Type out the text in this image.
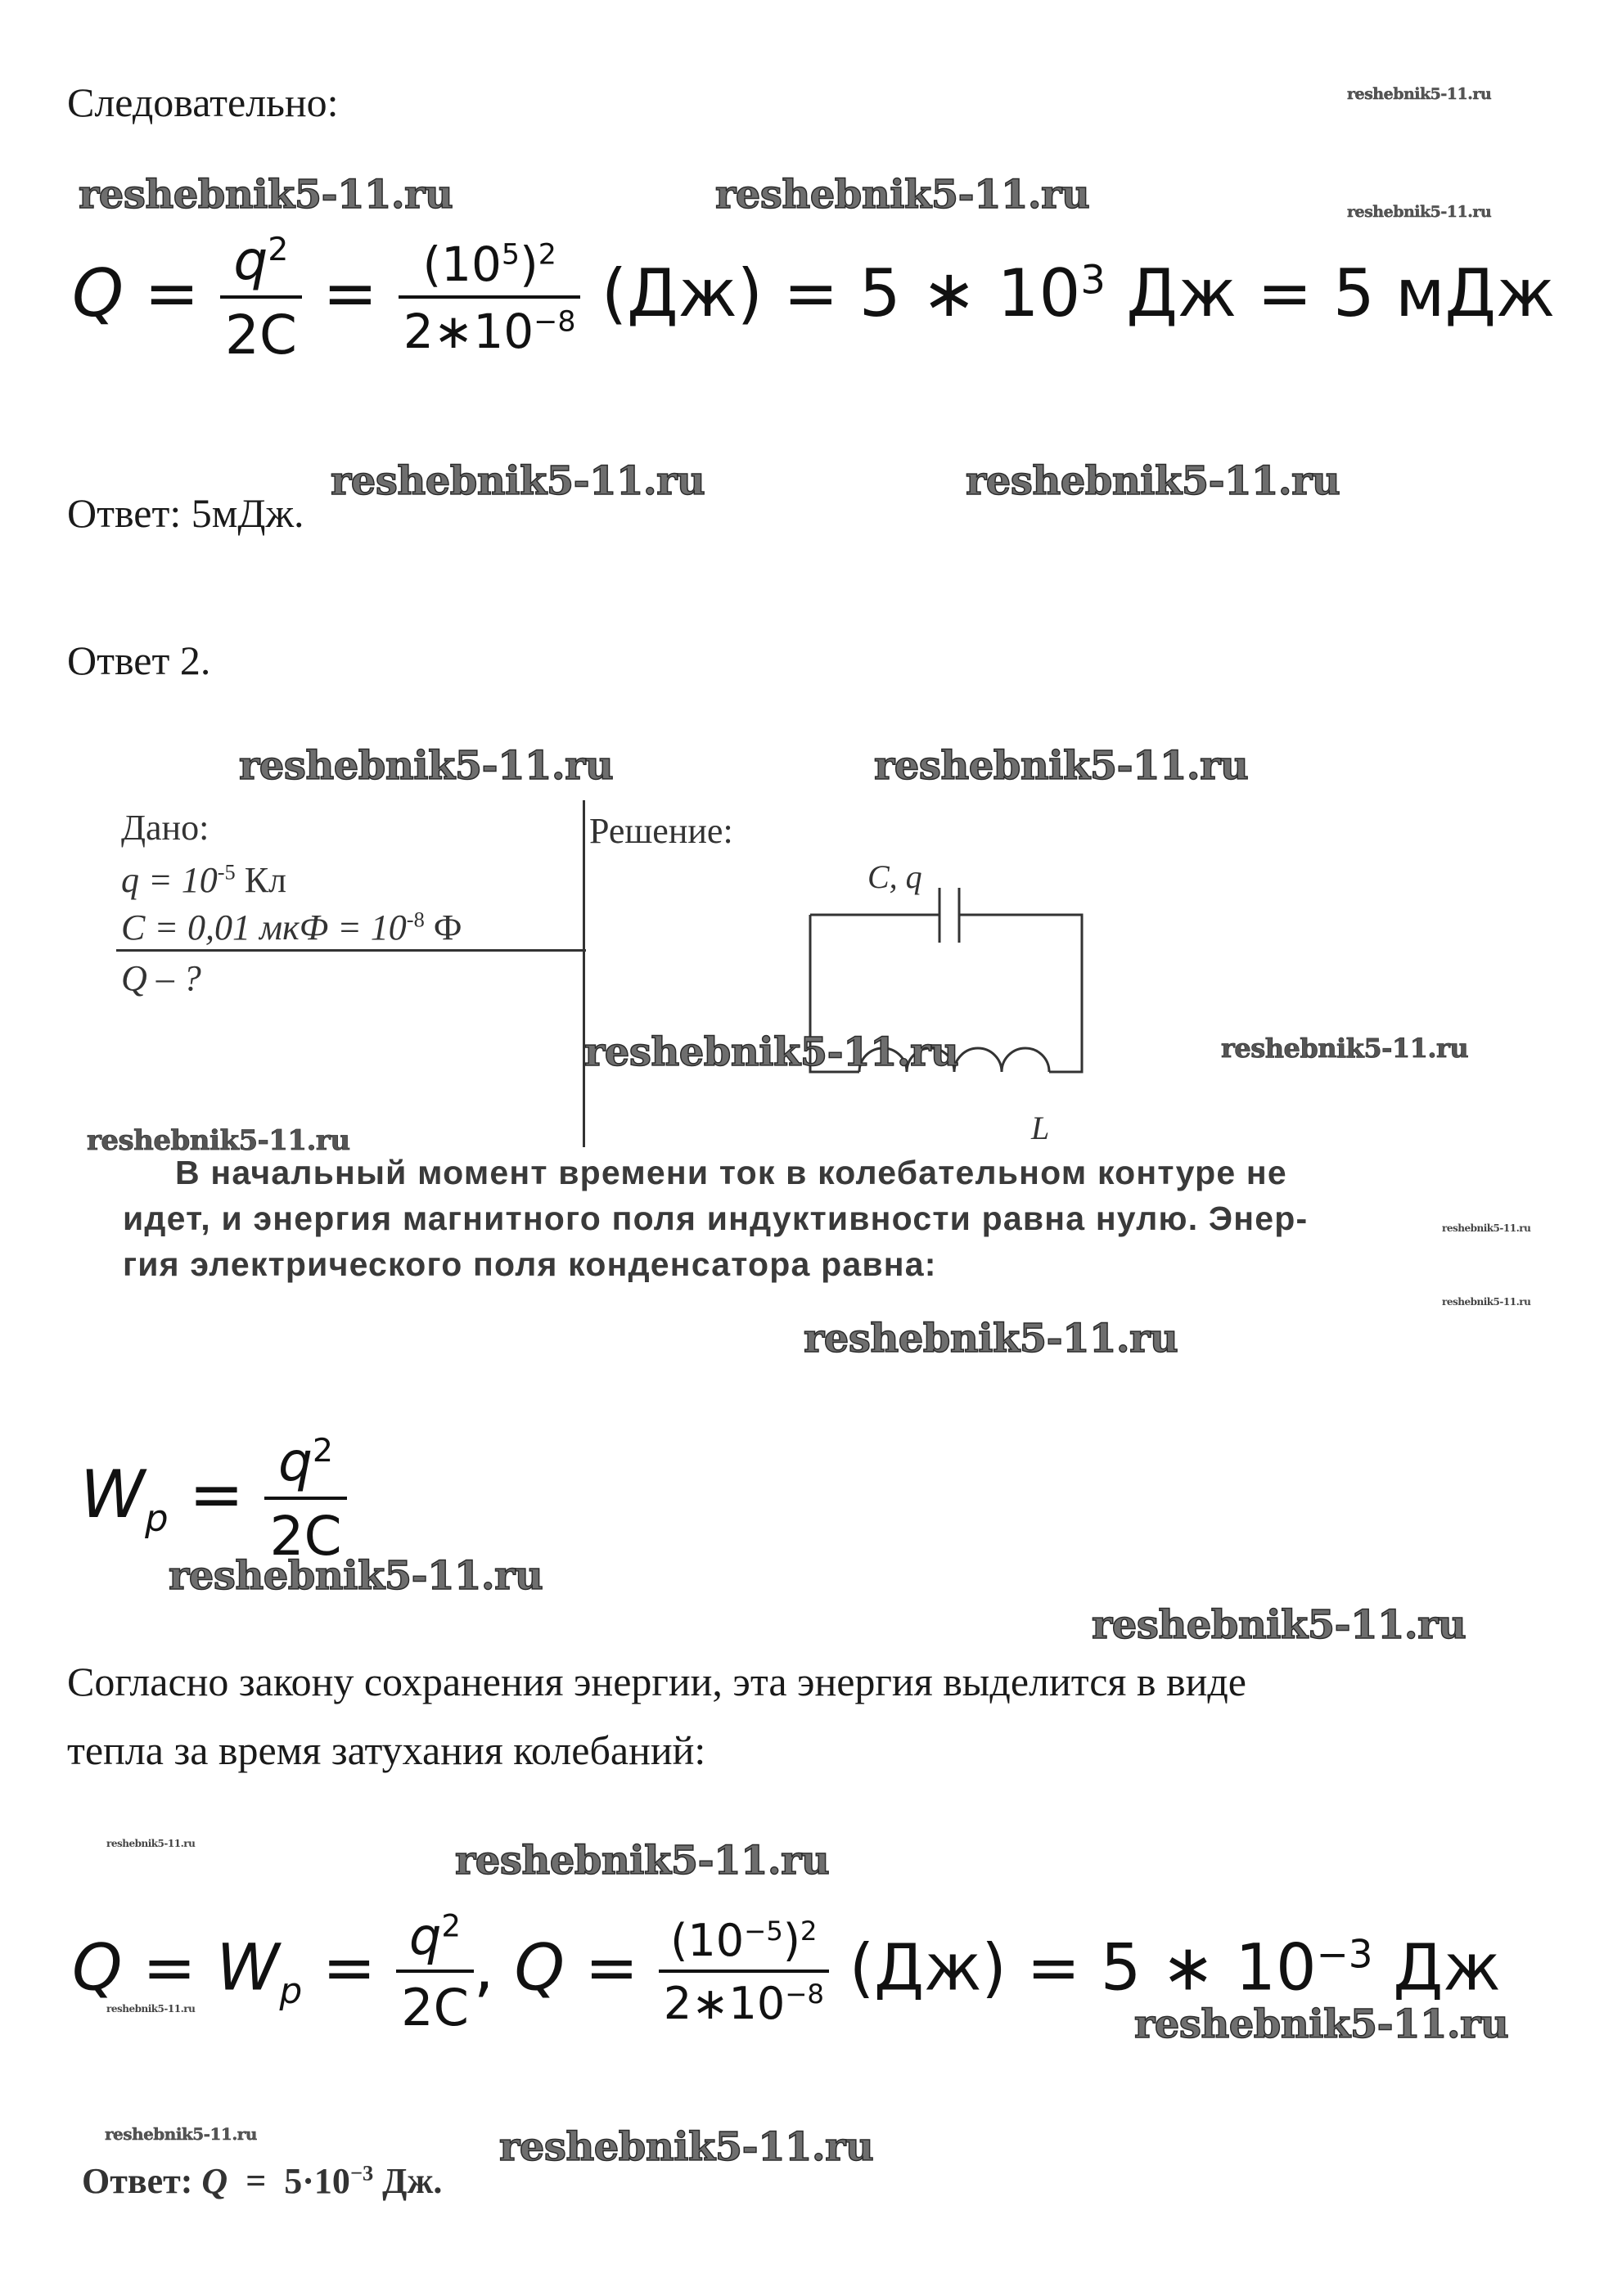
Следовательно:
$Q = \frac{q^2}{2C} = \frac{(10^5)^2}{2∗10^{-8}} (Дж) = 5$ ∗ $10^3$ Дж = 5 мДж
Ответ: 5мДж.
Ответ 2.
Дано:
$q = 10^{-5}$ Кл
C = 0,01 мкФ = $10^{-8}$ Ф
Q – ?
Решение:
C, q
L
В начальный момент времени ток в колебательном контуре не
идет, и энергия магнитного поля индуктивности равна нулю. Энер-
гия электрического поля конденсатора равна:
$W_p = \frac{q^2}{2C}$
Согласно закону сохранения энергии, эта энергия выделится в виде
тепла за время затухания колебаний:
$Q = W_p = \frac{q^2}{2C}$ , $Q = \frac{(10^{-5})^2}{2∗10^{-8}} (Дж) = 5$ ∗ $10^{-3}$ Дж
Ответ: $Q = 5\cdot 10^{-3}$ Дж.
reshebnik5-11.ru
reshebnik5-11.ru	reshebnik5-11.ru	reshebnik5-11.ru
reshebnik5-11.ru	reshebnik5-11.ru
reshebnik5-11.ru	reshebnik5-11.ru
reshebnik5-11.ru	reshebnik5-11.ru
reshebnik5-11.ru
reshebnik5-11.ru
reshebnik5-11.ru
reshebnik5-11.ru
reshebnik5-11.ru
reshebnik5-11.ru
reshebnik5-11.ru	reshebnik5-11.ru
reshebnik5-11.ru	reshebnik5-11.ru
reshebnik5-11.ru	reshebnik5-11.ru
